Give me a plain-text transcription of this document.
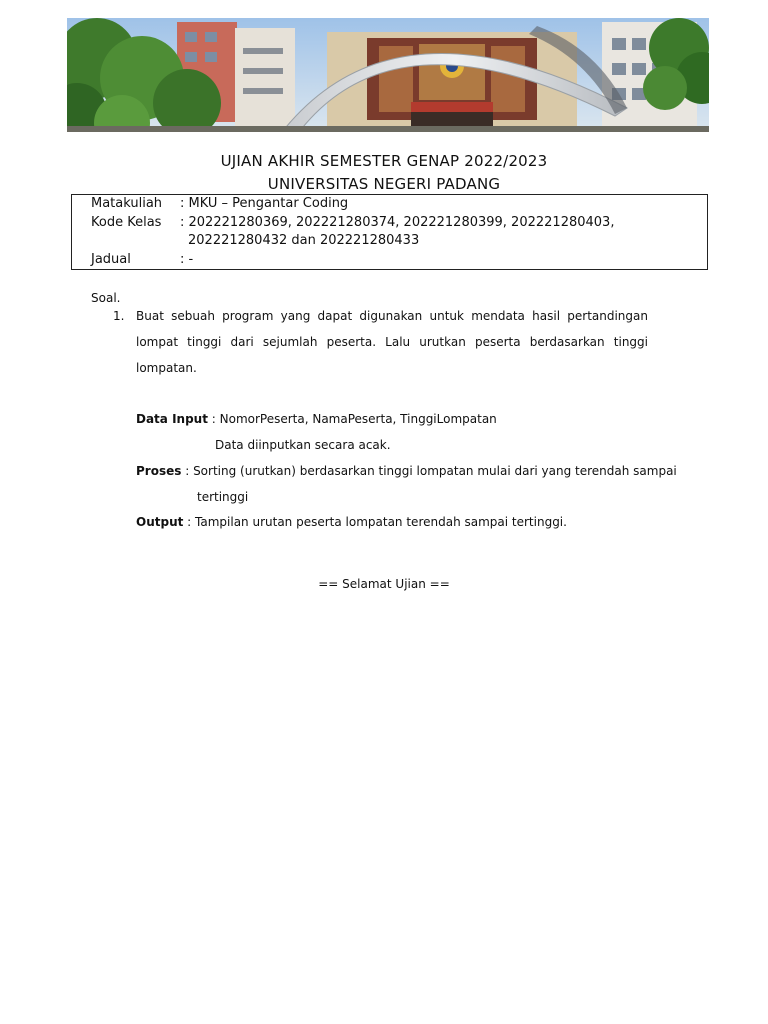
UJIAN AKHIR SEMESTER GENAP 2022/2023
UNIVERSITAS NEGERI PADANG
Matakuliah : MKU – Pengantar Coding
Kode Kelas : 202221280369, 202221280374, 202221280399, 202221280403,
202221280432 dan 202221280433
Jadual	: -
Soal.
1. Buat sebuah program yang dapat digunakan untuk mendata hasil pertandingan
lompat tinggi dari sejumlah peserta. Lalu urutkan peserta berdasarkan tinggi
lompatan.
Data Input : NomorPeserta, NamaPeserta, TinggiLompatan
Data diinputkan secara acak.
Proses : Sorting (urutkan) berdasarkan tinggi lompatan mulai dari yang terendah sampai
tertinggi
Output : Tampilan urutan peserta lompatan terendah sampai tertinggi.
== Selamat Ujian ==
